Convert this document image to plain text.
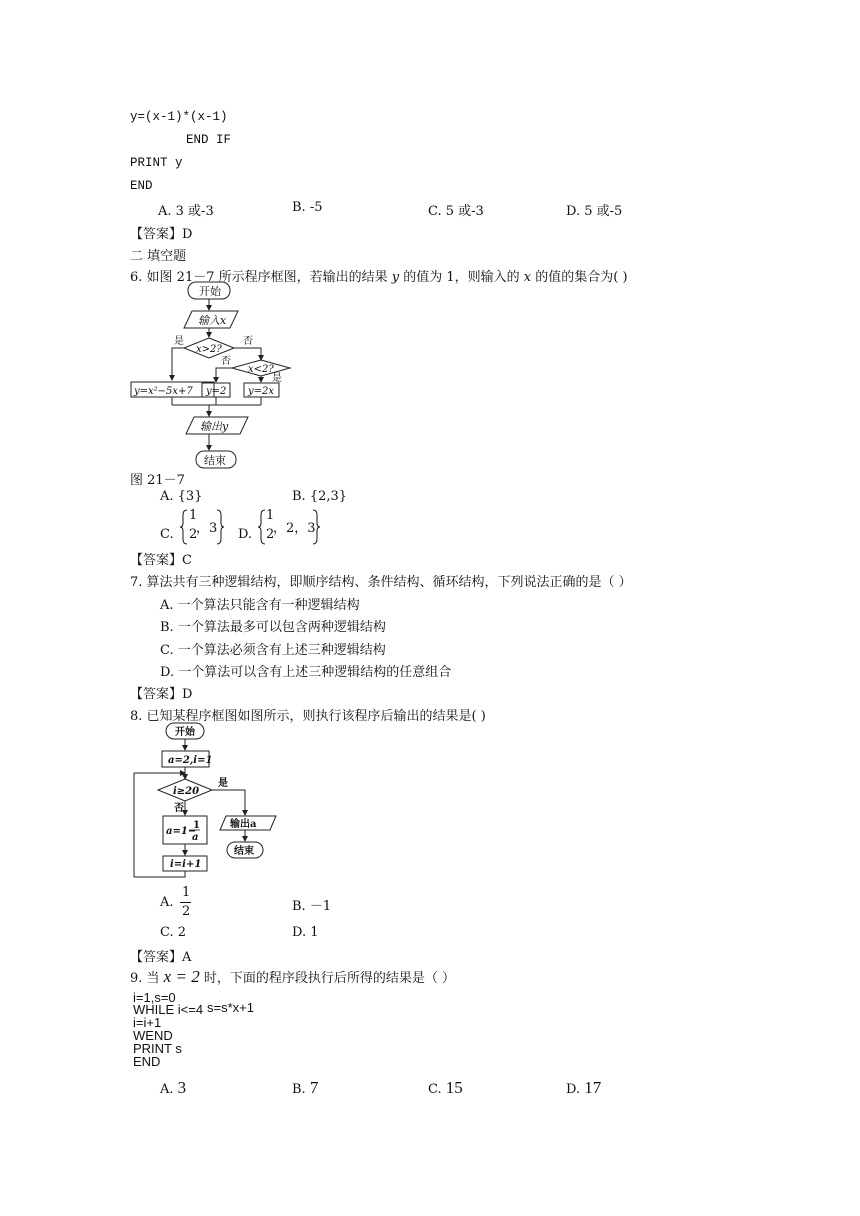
y=(x-1)*(x-1)
END IF
PRINT y
END
A. 3 或-3	B. -5	C. 5 或-3	D. 5 或-5
【答案】D
二 填空题
6. 如图 21－7 所示程序框图，若输出的结果 y 的值为 1，则输入的 x 的值的集合为( )
开始
输入x
x>2?
是	否
x<2?
否
是
y=x²−5x+7 y=2 y=2x
输出y
结束
图 21－7
A. {3}	B. {2,3}
C.
1
2
，3 D.
1
2
，2，3
【答案】C
7. 算法共有三种逻辑结构，即顺序结构、条件结构、循环结构，下列说法正确的是（ ）
A. 一个算法只能含有一种逻辑结构
B. 一个算法最多可以包含两种逻辑结构
C. 一个算法必须含有上述三种逻辑结构
D. 一个算法可以含有上述三种逻辑结构的任意组合
【答案】D
8. 已知某程序框图如图所示，则执行该程序后输出的结果是( )
开始
a=2,i=1
i≥20
是
否
a=1−
1
a
输出a
i=i+1
结束
A.
1
2	B. －1
C. 2	D. 1
【答案】A
9. 当 x = 2 时，下面的程序段执行后所得的结果是（ ）
i=1,s=0
WHILE i<=4 s=s*x+1
i=i+1
WEND
PRINT s
END
A. 3	B. 7	C. 15	D. 17
